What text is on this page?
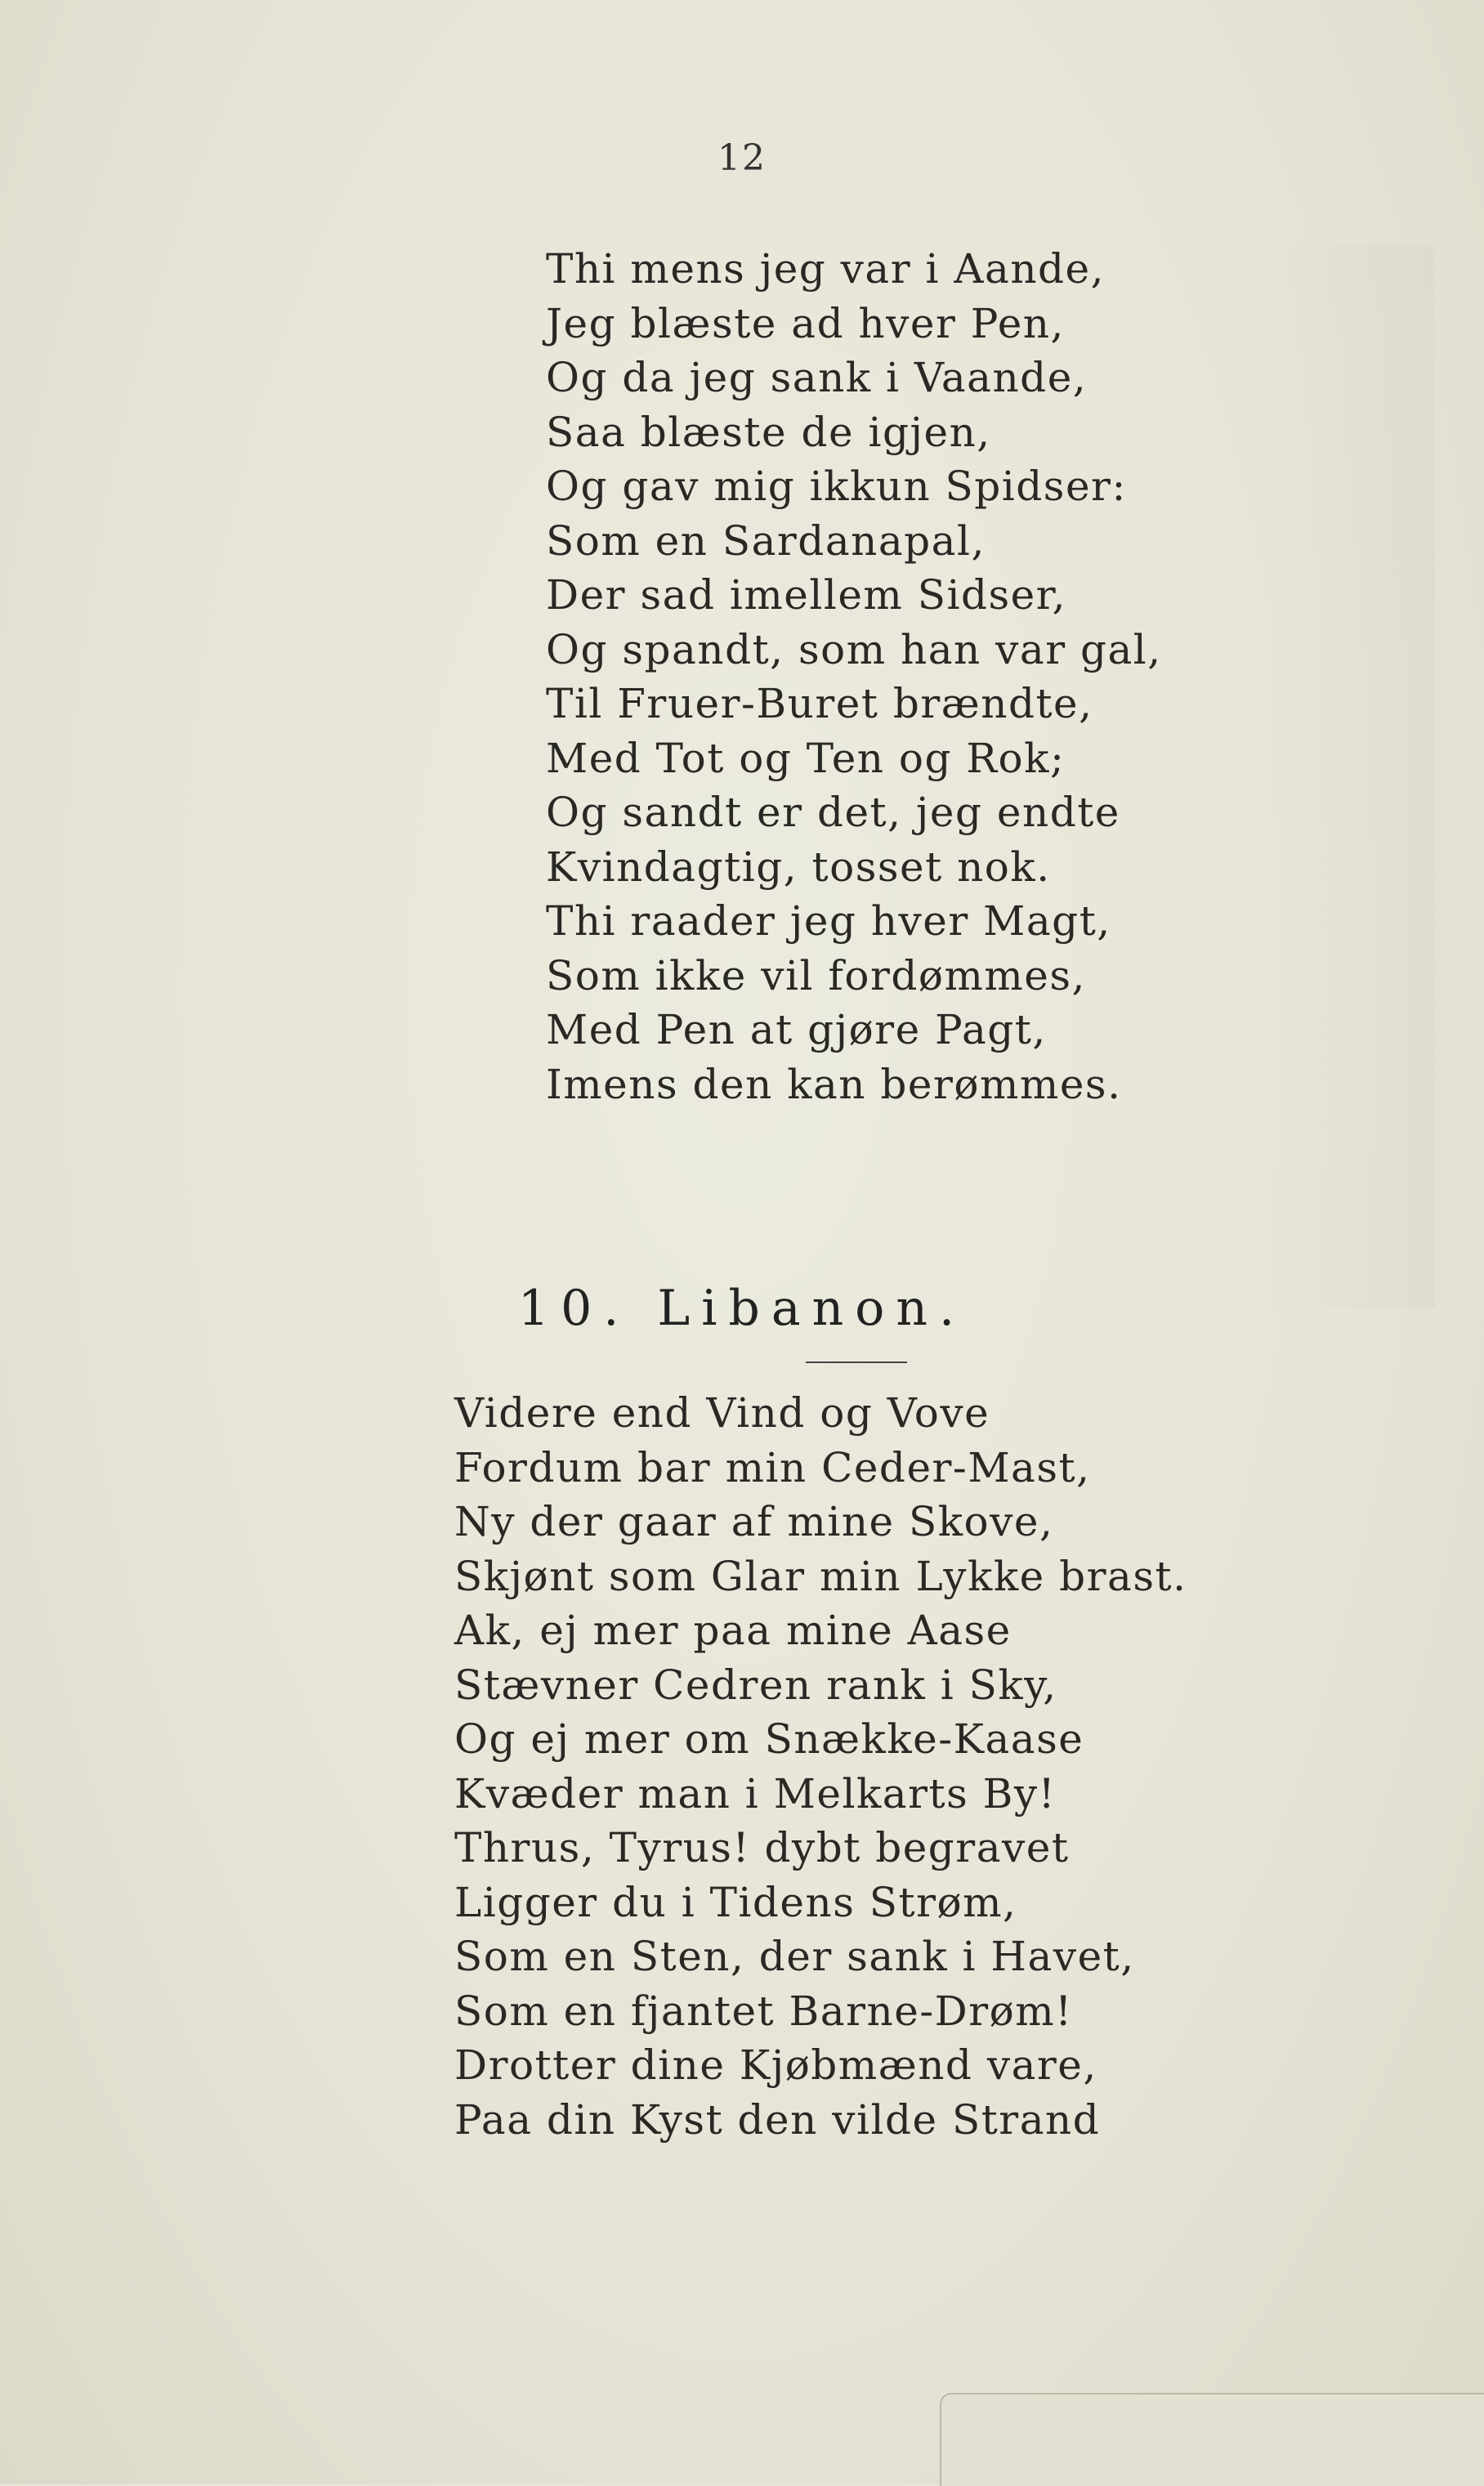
12
Thi mens jeg var i Aande,
Jeg blæste ad hver Pen,
Og da jeg sank i Vaande,
Saa blæste de igjen,
Og gav mig ikkun Spidser:
Som en Sardanapal,
Der sad imellem Sidser,
Og spandt, som han var gal,
Til Fruer-Buret brændte,
Med Tot og Ten og Rok;
Og sandt er det, jeg endte
Kvindagtig, tosset nok.
Thi raader jeg hver Magt,
Som ikke vil fordømmes,
Med Pen at gjøre Pagt,
Imens den kan berømmes.
10. Libanon.
Videre end Vind og Vove
Fordum bar min Ceder-Mast,
Ny der gaar af mine Skove,
Skjønt som Glar min Lykke brast.
Ak, ej mer paa mine Aase
Stævner Cedren rank i Sky,
Og ej mer om Snække-Kaase
Kvæder man i Melkarts By!
Thrus, Tyrus! dybt begravet
Ligger du i Tidens Strøm,
Som en Sten, der sank i Havet,
Som en fjantet Barne-Drøm!
Drotter dine Kjøbmænd vare,
Paa din Kyst den vilde Strand
